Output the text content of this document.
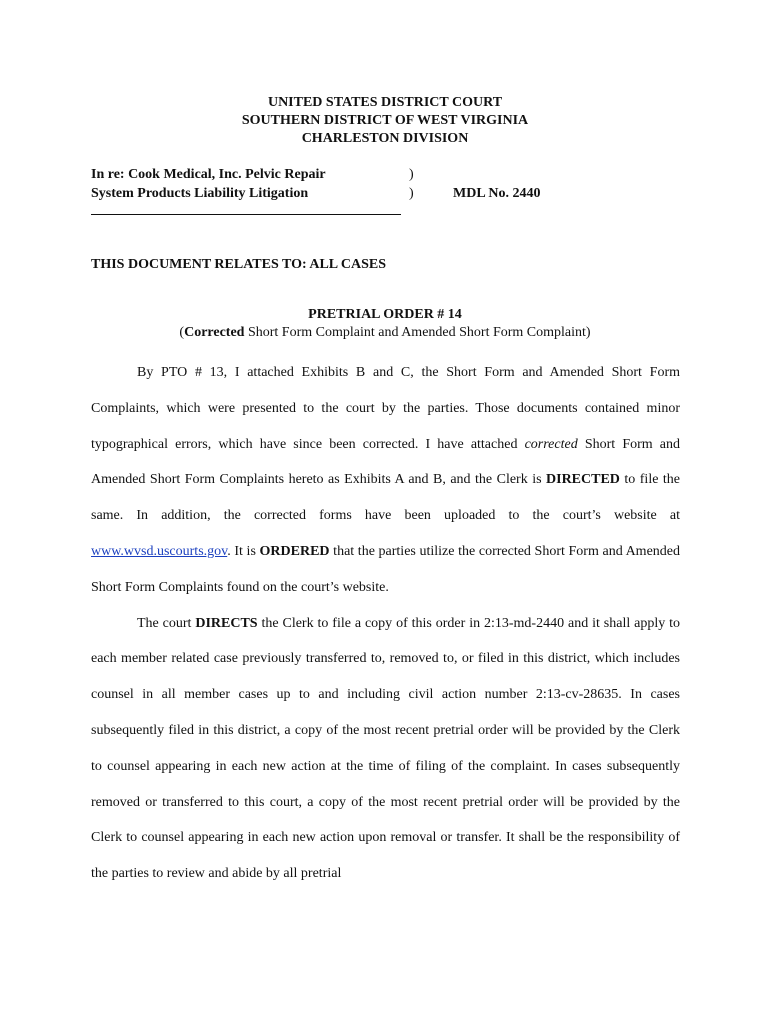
UNITED STATES DISTRICT COURT
SOUTHERN DISTRICT OF WEST VIRGINIA
CHARLESTON DIVISION
In re: Cook Medical, Inc. Pelvic Repair
System Products Liability Litigation
)
)	MDL No. 2440
THIS DOCUMENT RELATES TO: ALL CASES
PRETRIAL ORDER # 14
(Corrected Short Form Complaint and Amended Short Form Complaint)

By PTO # 13, I attached Exhibits B and C, the Short Form and Amended Short Form Complaints, which were presented to the court by the parties. Those documents contained minor typographical errors, which have since been corrected. I have attached corrected Short Form and Amended Short Form Complaints hereto as Exhibits A and B, and the Clerk is DIRECTED to file the same. In addition, the corrected forms have been uploaded to the court’s website at www.wvsd.uscourts.gov. It is ORDERED that the parties utilize the corrected Short Form and Amended Short Form Complaints found on the court’s website.

The court DIRECTS the Clerk to file a copy of this order in 2:13-md-2440 and it shall apply to each member related case previously transferred to, removed to, or filed in this district, which includes counsel in all member cases up to and including civil action number 2:13-cv-28635. In cases subsequently filed in this district, a copy of the most recent pretrial order will be provided by the Clerk to counsel appearing in each new action at the time of filing of the complaint. In cases subsequently removed or transferred to this court, a copy of the most recent pretrial order will be provided by the Clerk to counsel appearing in each new action upon removal or transfer. It shall be the responsibility of the parties to review and abide by all pretrial
